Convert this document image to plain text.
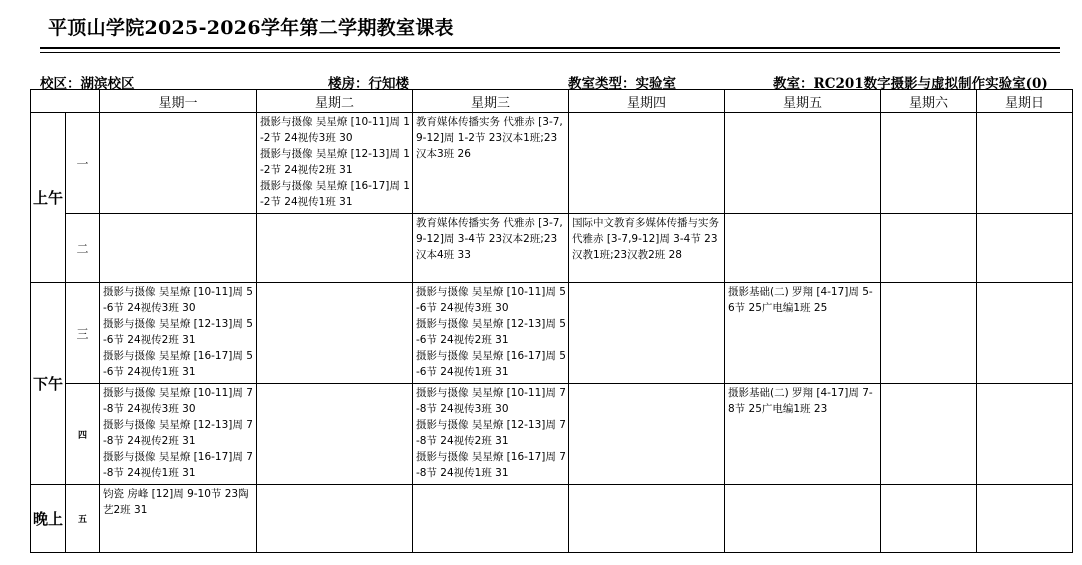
平顶山学院2025-2026学年第二学期教室课表
校区：湖滨校区	楼房：行知楼	教室类型：实验室	教室：RC201数字摄影与虚拟制作实验室(0)
		星期一	星期二	星期三	星期四	星期五	星期六	星期日
上午	一		摄影与摄像 吴星燎 [10-11]周 1-2节 24视传3班 30
摄影与摄像 吴星燎 [12-13]周 1-2节 24视传2班 31
摄影与摄像 吴星燎 [16-17]周 1-2节 24视传1班 31	教育媒体传播实务 代雅赤 [3-7,9-12]周 1-2节 23汉本1班;23汉本3班 26				

	二			教育媒体传播实务 代雅赤 [3-7,9-12]周 3-4节 23汉本2班;23汉本4班 33	国际中文教育多媒体传播与实务 代雅赤 [3-7,9-12]周 3-4节 23汉教1班;23汉教2班 28			

下午	三	摄影与摄像 吴星燎 [10-11]周 5-6节 24视传3班 30
摄影与摄像 吴星燎 [12-13]周 5-6节 24视传2班 31
摄影与摄像 吴星燎 [16-17]周 5-6节 24视传1班 31		摄影与摄像 吴星燎 [10-11]周 5-6节 24视传3班 30
摄影与摄像 吴星燎 [12-13]周 5-6节 24视传2班 31
摄影与摄像 吴星燎 [16-17]周 5-6节 24视传1班 31		摄影基础(二) 罗翔 [4-17]周 5-6节 25广电编1班 25		

	四	摄影与摄像 吴星燎 [10-11]周 7-8节 24视传3班 30
摄影与摄像 吴星燎 [12-13]周 7-8节 24视传2班 31
摄影与摄像 吴星燎 [16-17]周 7-8节 24视传1班 31		摄影与摄像 吴星燎 [10-11]周 7-8节 24视传3班 30
摄影与摄像 吴星燎 [12-13]周 7-8节 24视传2班 31
摄影与摄像 吴星燎 [16-17]周 7-8节 24视传1班 31		摄影基础(二) 罗翔 [4-17]周 7-8节 25广电编1班 23		

晚上	五	钧瓷 房峰 [12]周 9-10节 23陶艺2班 31						
